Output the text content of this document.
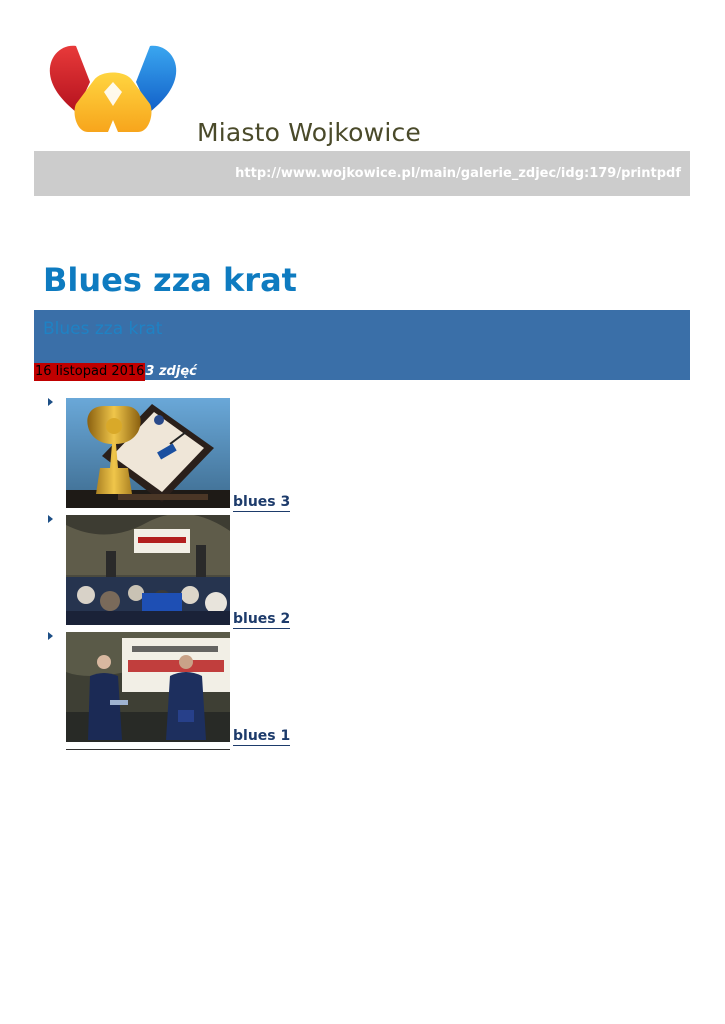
Miasto Wojkowice
http://www.wojkowice.pl/main/galerie_zdjec/idg:179/printpdf
Blues zza krat
Blues zza krat
16 listopad 20163 zdjęć
blues 3
blues 2
blues 1
